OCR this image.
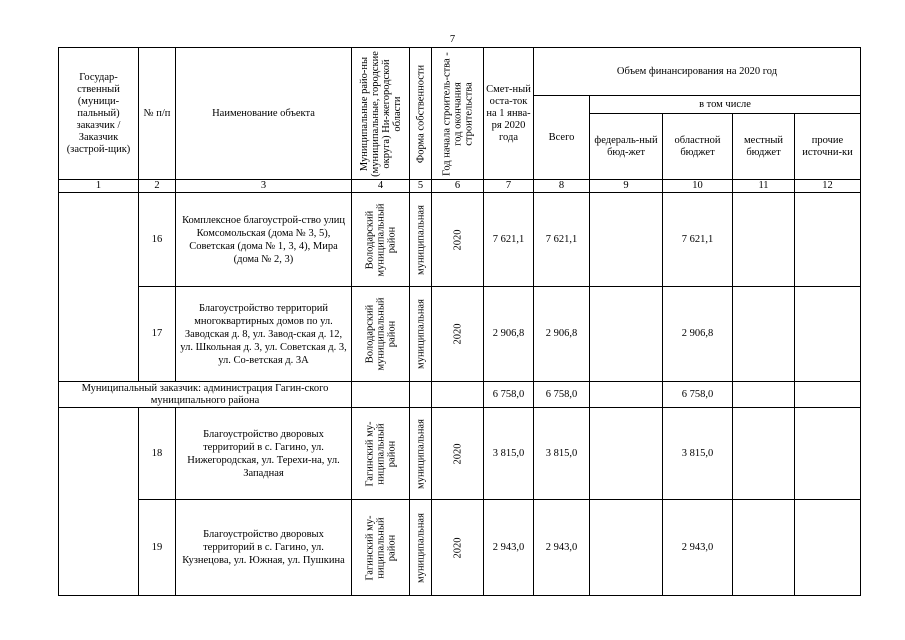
7
Государ-ственный (муници-пальный) заказчик / Заказчик (застрой-щик)	№ п/п	Наименование объекта	Муниципальные райо-ны (муниципальные, городские округа) Ни-жегородской области	Форма собственности	Год начала строитель-ства - год окончания строительства	Смет-ный оста-ток на 1 янва-ря 2020 года	Объем финансирования на 2020 год				
							Всего	в том числе			
								федераль-ный бюд-жет	областной бюджет	местный бюджет	прочие источни-ки
1	2	3	4	5	6	7	8	9	10	11	12
	16	Комплексное благоустрой-ство улиц Комсомольская (дома № 3, 5), Советская (дома № 1, 3, 4), Мира (дома № 2, 3)	Володарский муниципальный район	муниципальная	2020	7 621,1	7 621,1		7 621,1		
	17	Благоустройство территорий многоквартирных домов по ул. Заводская д. 8, ул. Завод-ская д. 12, ул. Школьная д. 3, ул. Советская д. 3, ул. Со-ветская д. 3А	Володарский муниципальный район	муниципальная	2020	2 906,8	2 906,8		2 906,8		
Муниципальный заказчик: администрация Гагин-ского муниципального района						6 758,0	6 758,0		6 758,0		
	18	Благоустройство дворовых территорий в с. Гагино, ул. Нижегородская, ул. Терехи-на, ул. Западная	Гагинский му-ниципальный район	муниципальная	2020	3 815,0	3 815,0		3 815,0		
	19	Благоустройство дворовых территорий в с. Гагино, ул. Кузнецова, ул. Южная, ул. Пушкина	Гагинский му-ниципальный район	муниципальная	2020	2 943,0	2 943,0		2 943,0		
